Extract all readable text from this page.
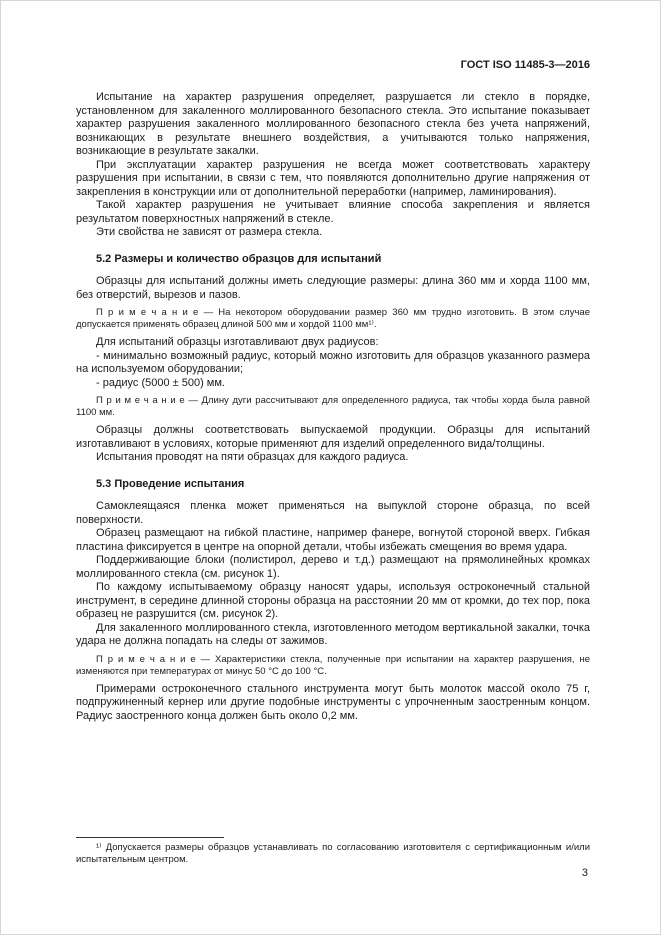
ГОСТ ISO 11485-3—2016

Испытание на характер разрушения определяет, разрушается ли стекло в порядке, установленном для закаленного моллированного безопасного стекла. Это испытание показывает характер разрушения закаленного моллированного безопасного стекла без учета напряжений, возникающих в результате внешнего воздействия, а учитываются только напряжения, возникающие в результате закалки.

При эксплуатации характер разрушения не всегда может соответствовать характеру разрушения при испытании, в связи с тем, что появляются дополнительно другие напряжения от закрепления в конструкции или от дополнительной переработки (например, ламинирования).

Такой характер разрушения не учитывает влияние способа закрепления и является результатом поверхностных напряжений в стекле.

Эти свойства не зависят от размера стекла.

5.2 Размеры и количество образцов для испытаний

Образцы для испытаний должны иметь следующие размеры: длина 360 мм и хорда 1100 мм, без отверстий, вырезов и пазов.

П р и м е ч а н и е — На некотором оборудовании размер 360 мм трудно изготовить. В этом случае допускается применять образец длиной 500 мм и хордой 1100 мм¹⁾.

Для испытаний образцы изготавливают двух радиусов:

- минимально возможный радиус, который можно изготовить для образцов указанного размера на используемом оборудовании;

- радиус (5000 ± 500) мм.

П р и м е ч а н и е — Длину дуги рассчитывают для определенного радиуса, так чтобы хорда была равной 1100 мм.

Образцы должны соответствовать выпускаемой продукции. Образцы для испытаний изготавливают в условиях, которые применяют для изделий определенного вида/толщины.

Испытания проводят на пяти образцах для каждого радиуса.

5.3 Проведение испытания

Самоклеящаяся пленка может применяться на выпуклой стороне образца, по всей поверхности.

Образец размещают на гибкой пластине, например фанере, вогнутой стороной вверх. Гибкая пластина фиксируется в центре на опорной детали, чтобы избежать смещения во время удара.

Поддерживающие блоки (полистирол, дерево и т.д.) размещают на прямолинейных кромках моллированного стекла (см. рисунок 1).

По каждому испытываемому образцу наносят удары, используя остроконечный стальной инструмент, в середине длинной стороны образца на расстоянии 20 мм от кромки, до тех пор, пока образец не разрушится (см. рисунок 2).

Для закаленного моллированного стекла, изготовленного методом вертикальной закалки, точка удара не должна попадать на следы от зажимов.

П р и м е ч а н и е — Характеристики стекла, полученные при испытании на характер разрушения, не изменяются при температурах от минус 50 °С до 100 °С.

Примерами остроконечного стального инструмента могут быть молоток массой около 75 г, подпружиненный кернер или другие подобные инструменты с упрочненным заостренным концом. Радиус заостренного конца должен быть около 0,2 мм.

¹⁾ Допускается размеры образцов устанавливать по согласованию изготовителя с сертификационным и/или испытательным центром.

3
